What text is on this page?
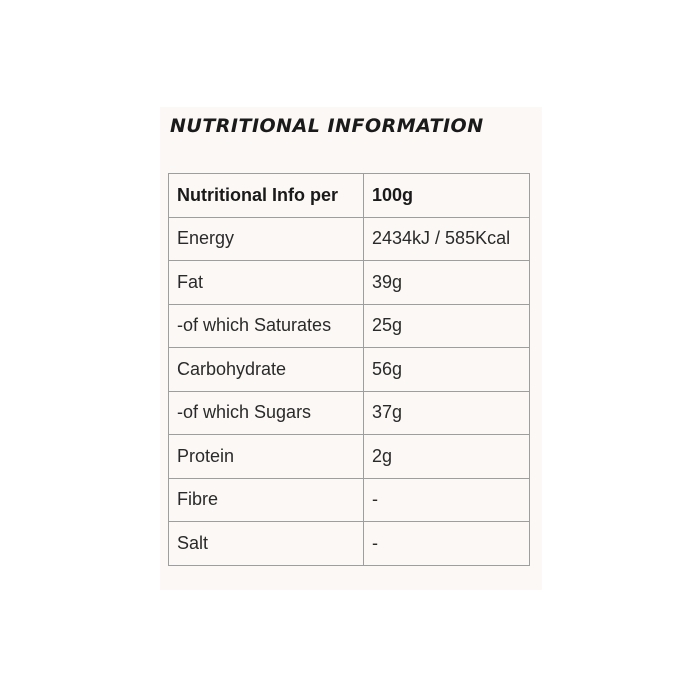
NUTRITIONAL INFORMATION
Nutritional Info per	100g
Energy	2434kJ / 585Kcal
Fat	39g
-of which Saturates	25g
Carbohydrate	56g
-of which Sugars	37g
Protein	2g
Fibre	-
Salt	-
